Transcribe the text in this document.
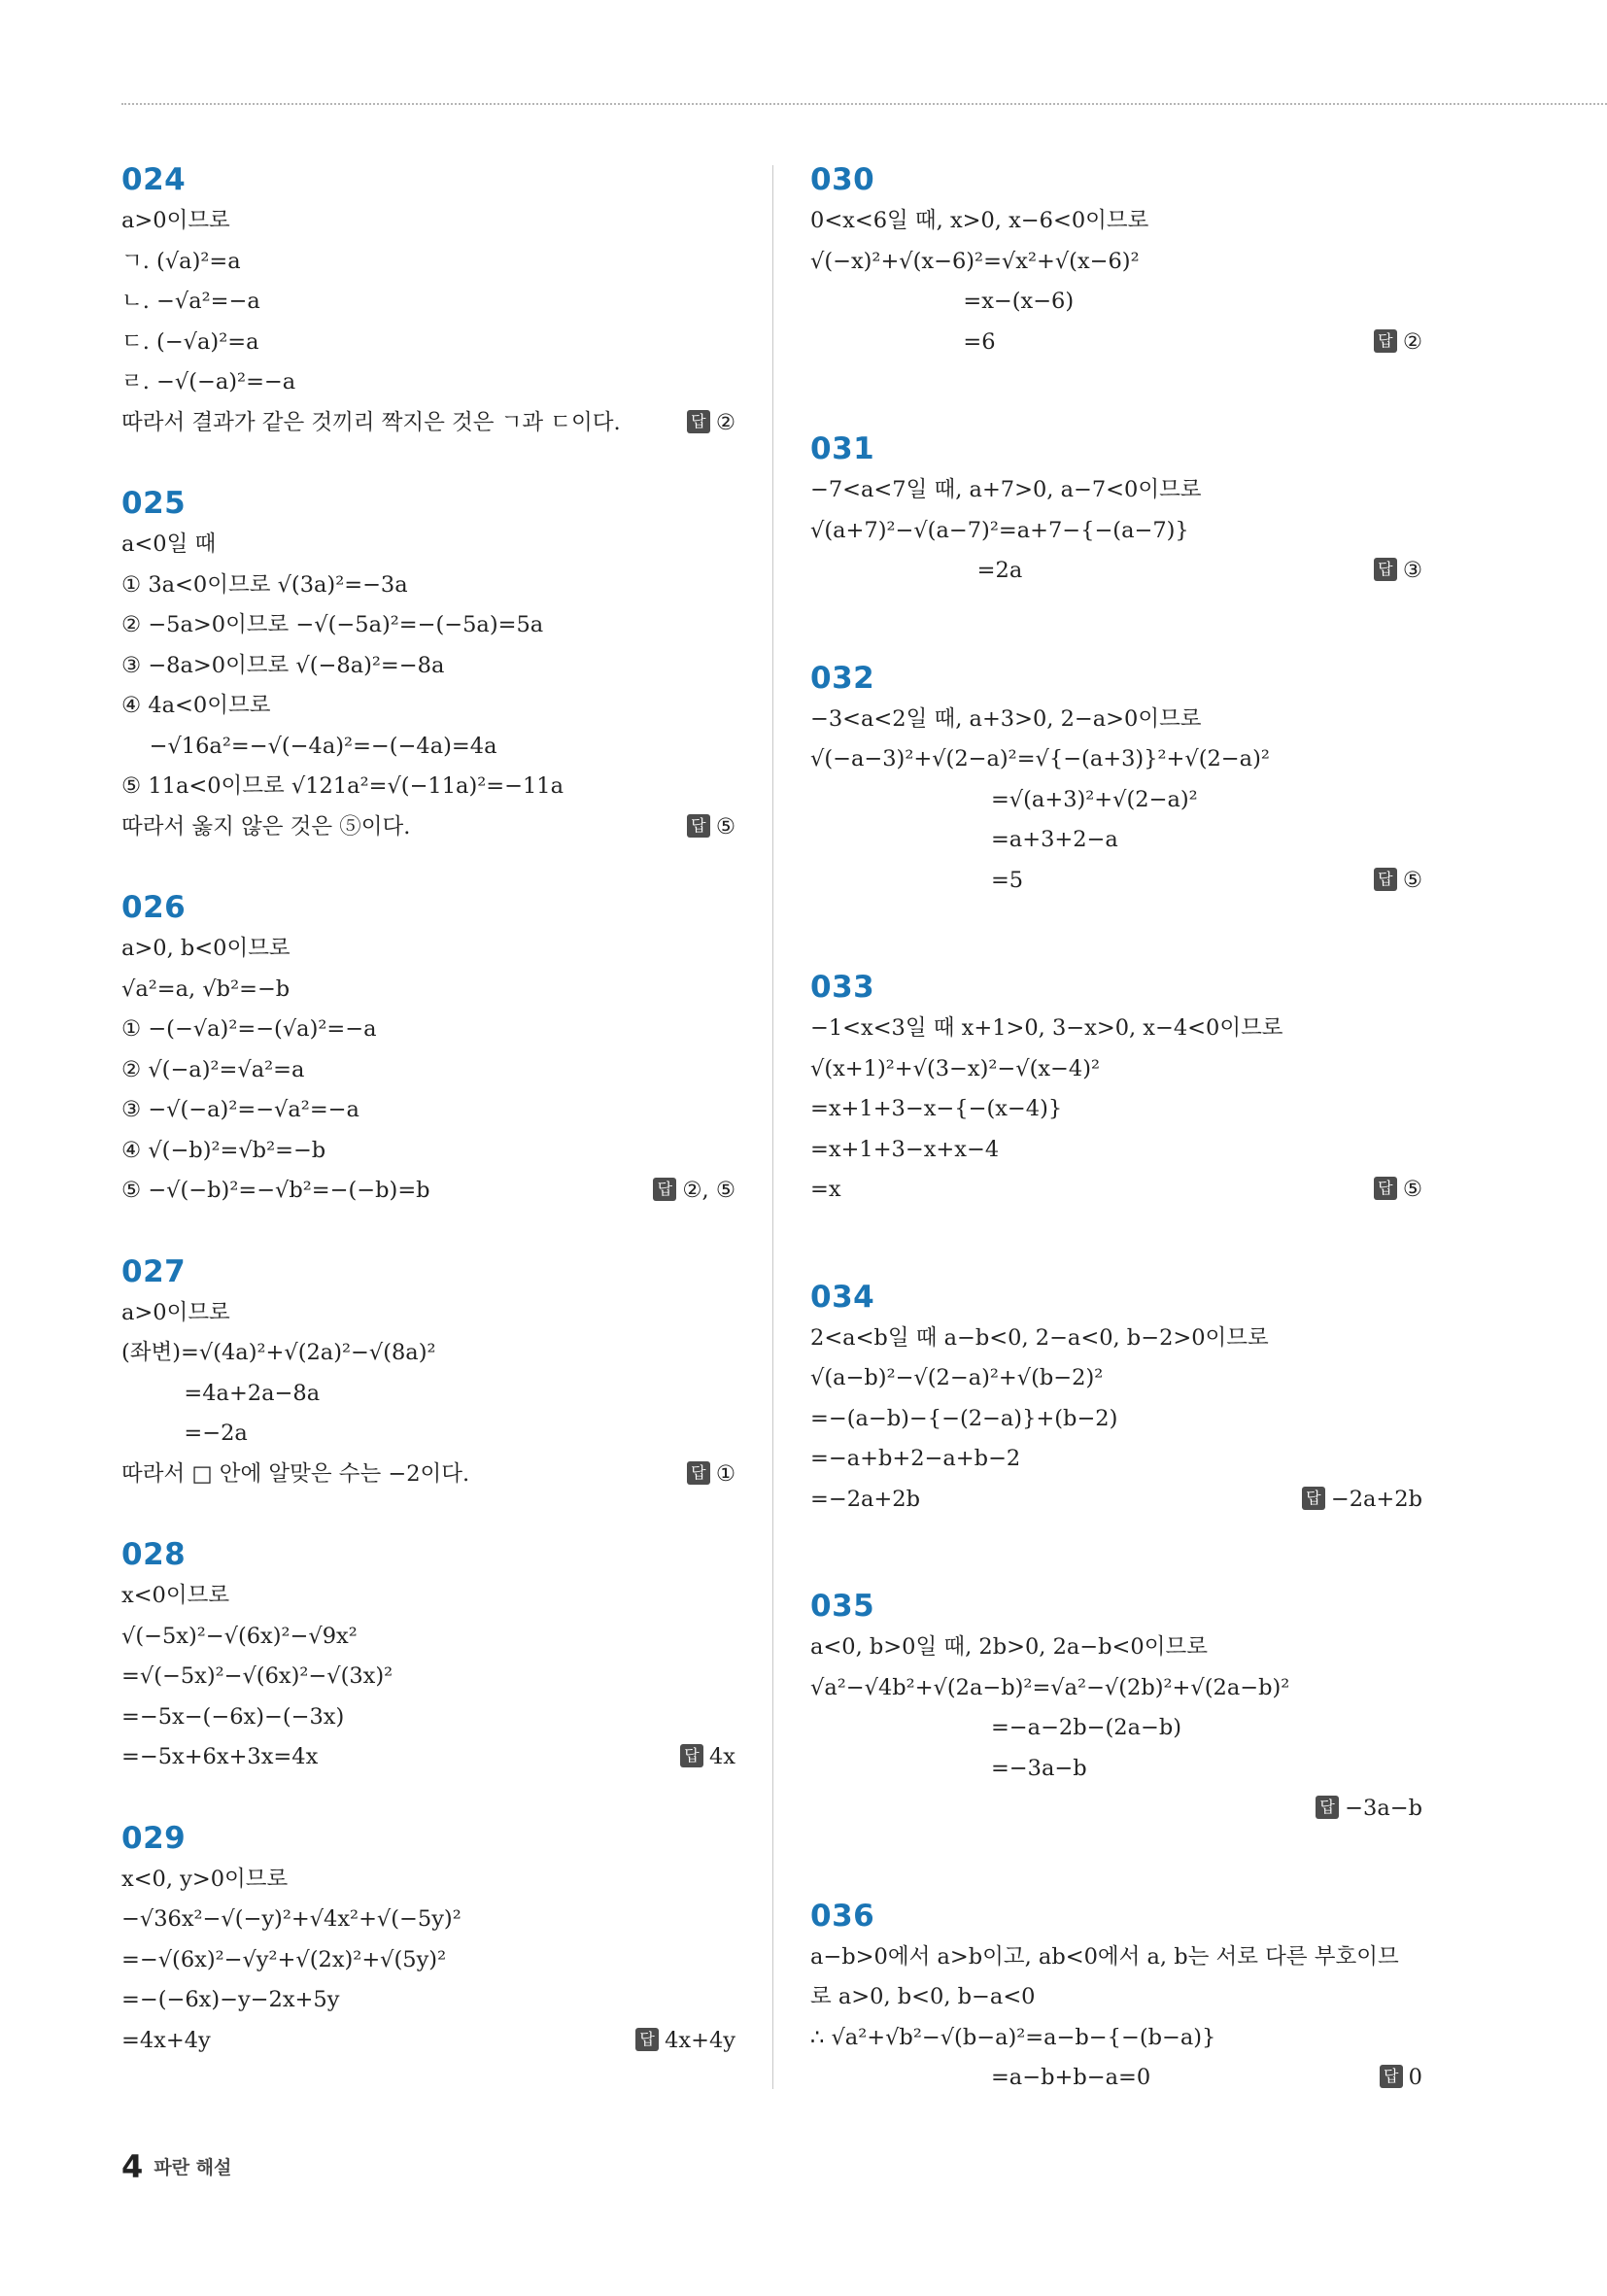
024
a>0이므로
ㄱ. (√a)²=a
ㄴ. −√a²=−a
ㄷ. (−√a)²=a
ㄹ. −√(−a)²=−a
따라서 결과가 같은 것끼리 짝지은 것은 ㄱ과 ㄷ이다.	답 ②
025
a<0일 때
① 3a<0이므로 √(3a)²=−3a
② −5a>0이므로 −√(−5a)²=−(−5a)=5a
③ −8a>0이므로 √(−8a)²=−8a
④ 4a<0이므로
−√16a²=−√(−4a)²=−(−4a)=4a
⑤ 11a<0이므로 √121a²=√(−11a)²=−11a
따라서 옳지 않은 것은 ⑤이다.	답 ⑤
026
a>0, b<0이므로
√a²=a, √b²=−b
① −(−√a)²=−(√a)²=−a
② √(−a)²=√a²=a
③ −√(−a)²=−√a²=−a
④ √(−b)²=√b²=−b
⑤ −√(−b)²=−√b²=−(−b)=b	답 ②, ⑤
027
a>0이므로
(좌변)=√(4a)²+√(2a)²−√(8a)²
=4a+2a−8a
=−2a
따라서 □ 안에 알맞은 수는 −2이다.	답 ①
028
x<0이므로
√(−5x)²−√(6x)²−√9x²
=√(−5x)²−√(6x)²−√(3x)²
=−5x−(−6x)−(−3x)
=−5x+6x+3x=4x	답 4x
029
x<0, y>0이므로
−√36x²−√(−y)²+√4x²+√(−5y)²
=−√(6x)²−√y²+√(2x)²+√(5y)²
=−(−6x)−y−2x+5y
=4x+4y	답 4x+4y
030
0<x<6일 때, x>0, x−6<0이므로
√(−x)²+√(x−6)²=√x²+√(x−6)²
=x−(x−6)
=6	답 ②
031
−7<a<7일 때, a+7>0, a−7<0이므로
√(a+7)²−√(a−7)²=a+7−{−(a−7)}
=2a	답 ③
032
−3<a<2일 때, a+3>0, 2−a>0이므로
√(−a−3)²+√(2−a)²=√{−(a+3)}²+√(2−a)²
=√(a+3)²+√(2−a)²
=a+3+2−a
=5	답 ⑤
033
−1<x<3일 때 x+1>0, 3−x>0, x−4<0이므로
√(x+1)²+√(3−x)²−√(x−4)²
=x+1+3−x−{−(x−4)}
=x+1+3−x+x−4
=x	답 ⑤
034
2<a<b일 때 a−b<0, 2−a<0, b−2>0이므로
√(a−b)²−√(2−a)²+√(b−2)²
=−(a−b)−{−(2−a)}+(b−2)
=−a+b+2−a+b−2
=−2a+2b	답 −2a+2b
035
a<0, b>0일 때, 2b>0, 2a−b<0이므로
√a²−√4b²+√(2a−b)²=√a²−√(2b)²+√(2a−b)²
=−a−2b−(2a−b)
=−3a−b
답 −3a−b
036
a−b>0에서 a>b이고, ab<0에서 a, b는 서로 다른 부호이므
로 a>0, b<0, b−a<0
∴ √a²+√b²−√(b−a)²=a−b−{−(b−a)}
=a−b+b−a=0	답 0
4 파란 해설
